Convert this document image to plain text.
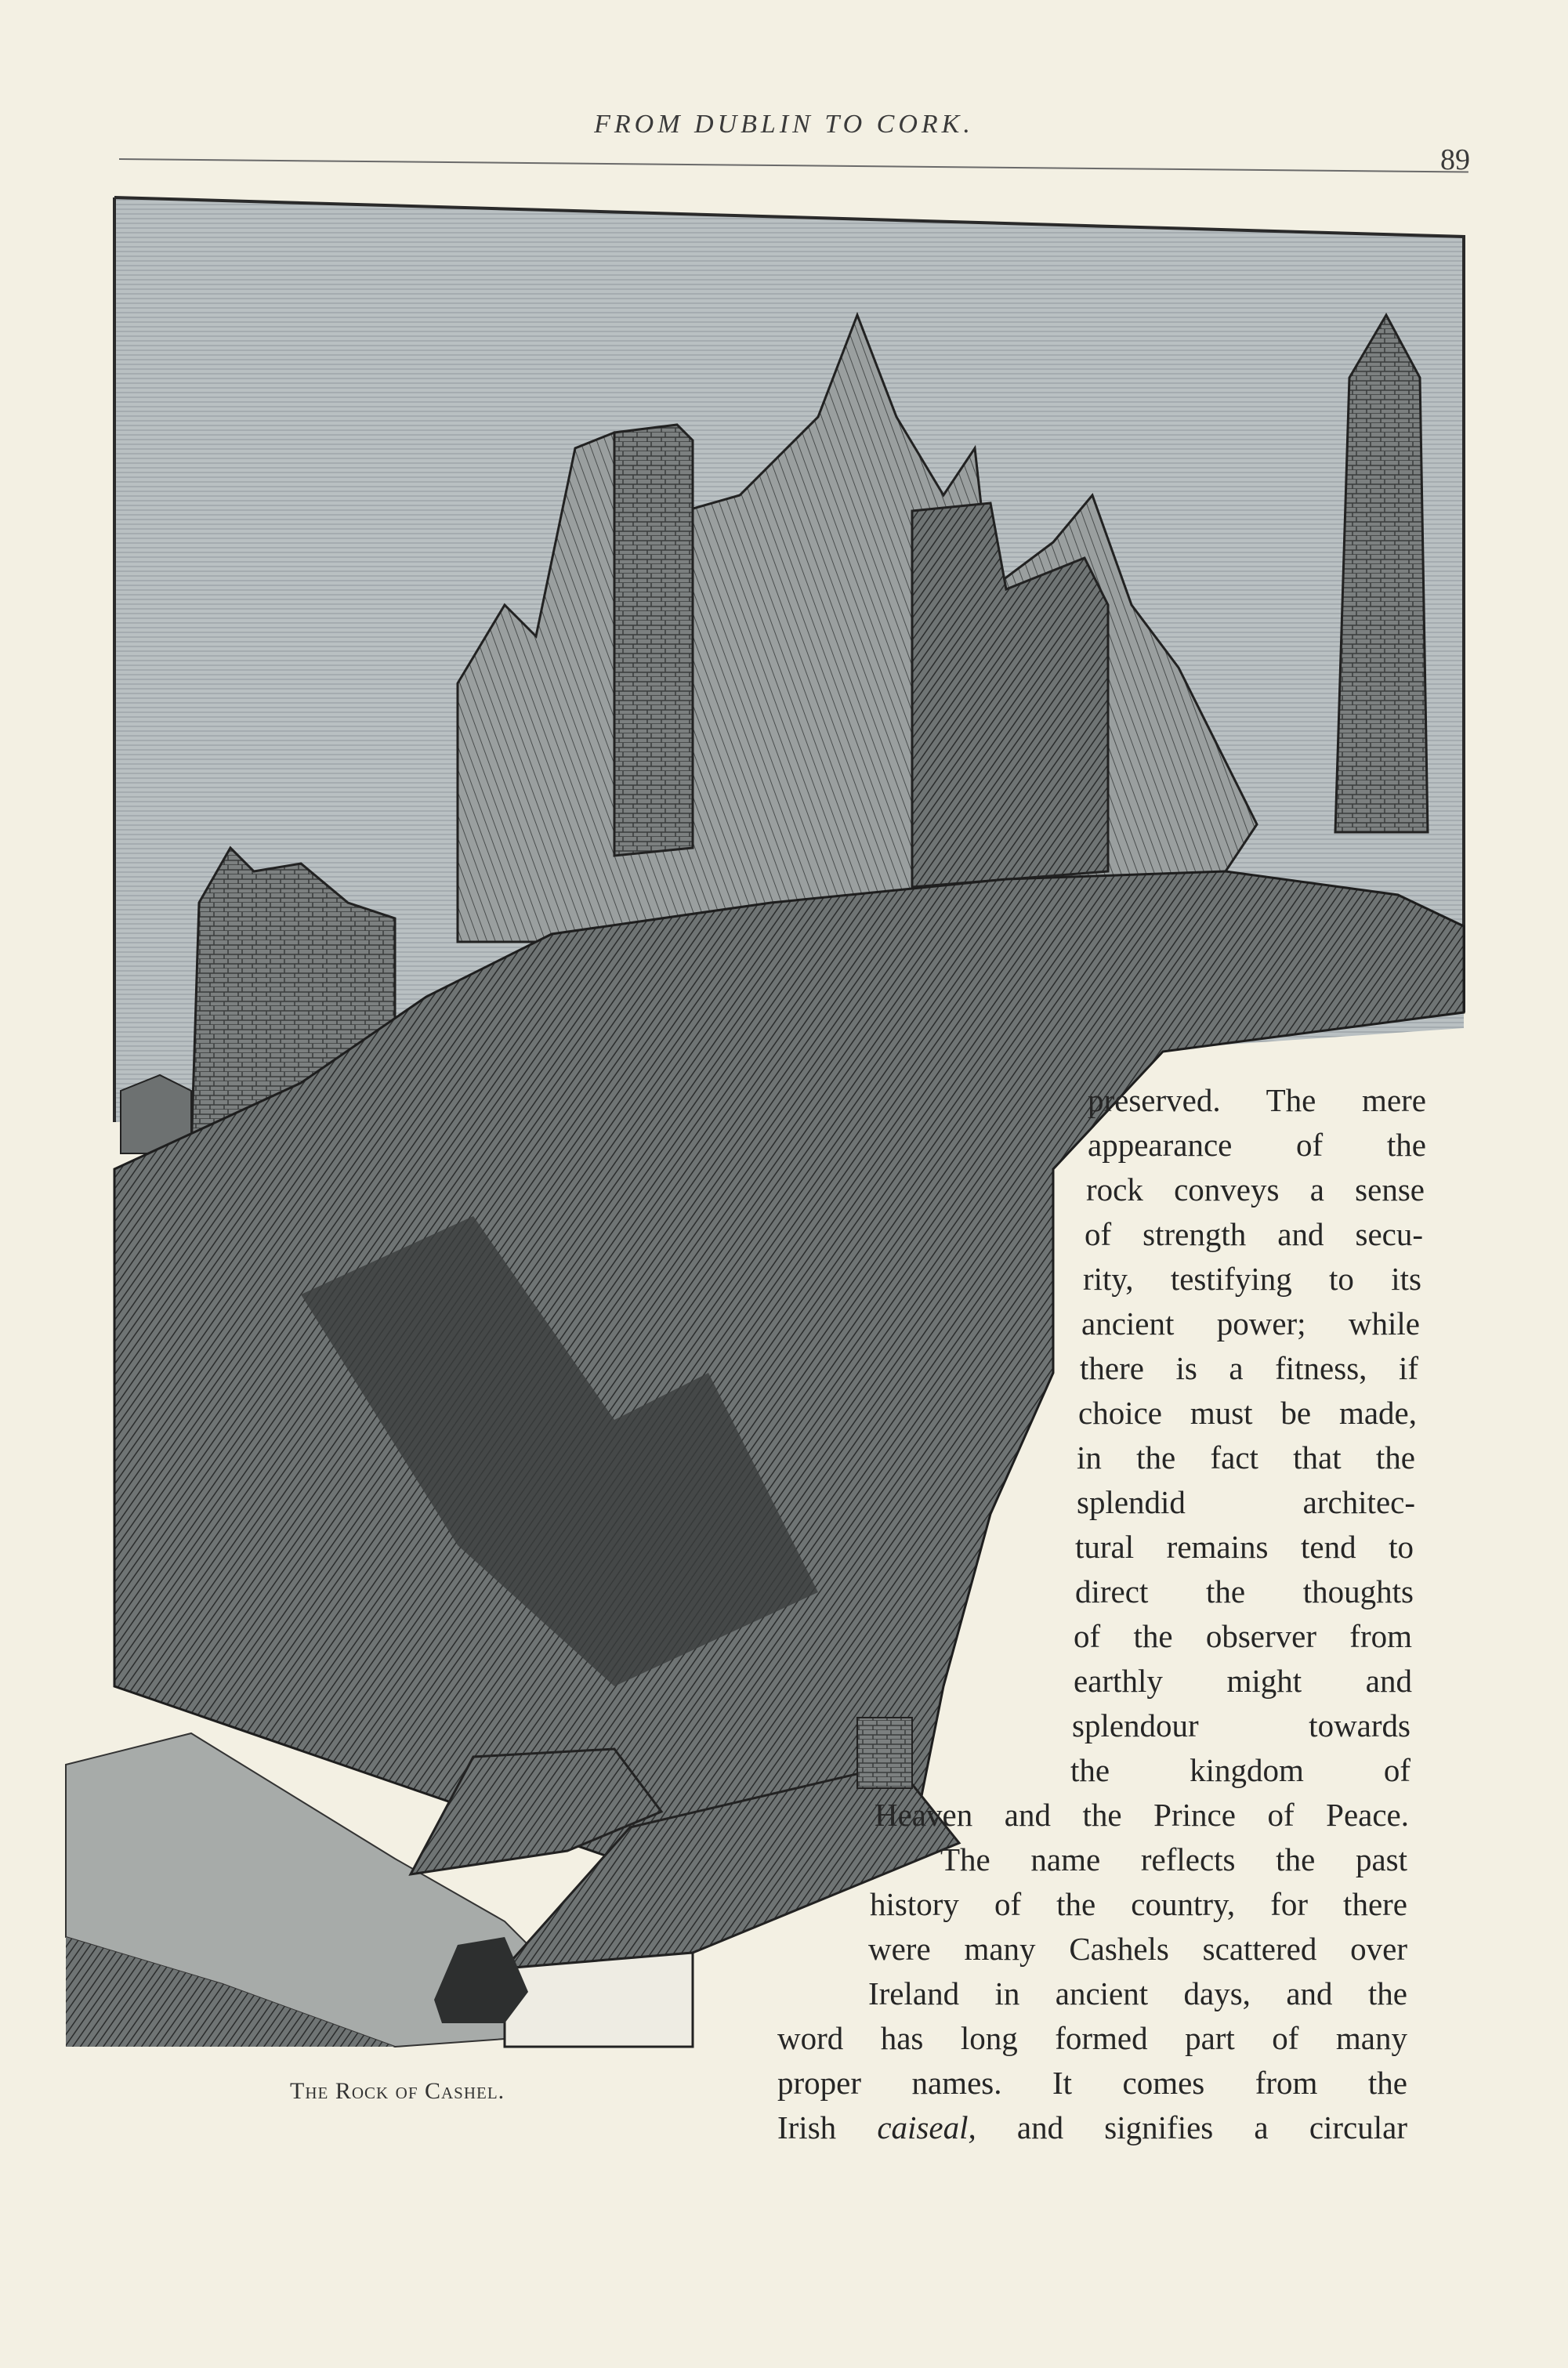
FROM DUBLIN TO CORK.
89
The Rock of Cashel.
preserved. The mere
appearance of the
rock conveys a sense
of strength and secu-
rity, testifying to its
ancient power; while
there is a fitness, if
choice must be made,
in the fact that the
splendid architec-
tural remains tend to
direct the thoughts
of the observer from
earthly might and
splendour towards
the kingdom of
Heaven and the Prince of Peace.
The name reflects the past
history of the country, for there
were many Cashels scattered over
Ireland in ancient days, and the
word has long formed part of many
proper names. It comes from the
Irish caiseal, and signifies a circular
